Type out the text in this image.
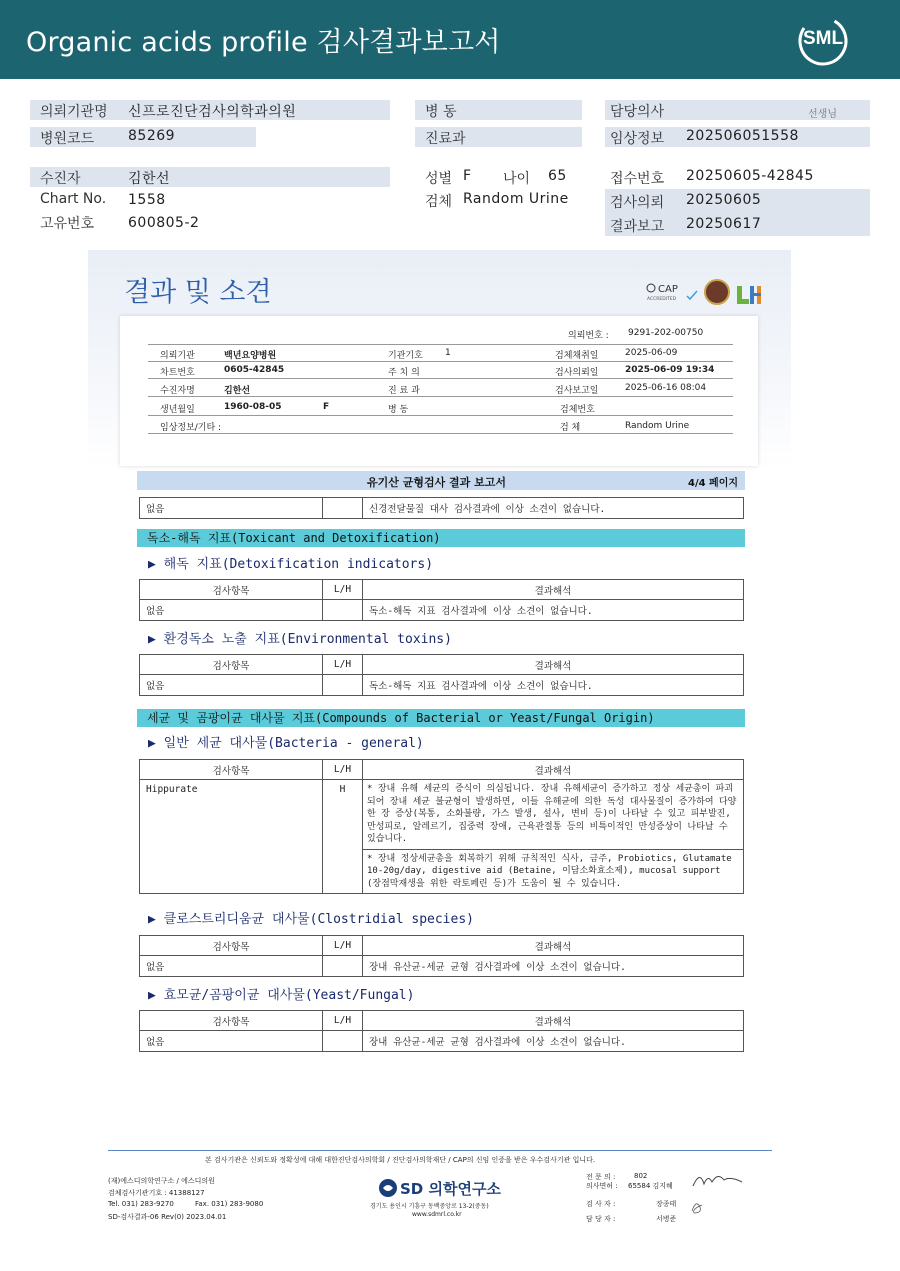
Organic acids profile 검사결과보고서	SML
의뢰기관명 신프로진단검사의학과의원
병원코드 85269
병 동
진료과
담당의사	선생님
임상정보 202506051558
수진자	김한선
Chart No. 1558
고유번호 600805-2
성별 F 나이 65
검체 Random Urine
접수번호 20250605-42845
검사의뢰 20250605
결과보고 20250617
결과 및 소견	CAP
ACCREDITED
의뢰번호 : 9291-202-00750
의뢰기관	백년요양병원	기관기호 1	검체채취일	2025-06-09
차트번호	0605-42845	주 치 의	검사의뢰일	2025-06-09 19:34
수진자명	김한선	진 료 과	검사보고일	2025-06-16 08:04
생년월일	1960-08-05	F	병 동	검체번호
임상정보/기타 :	검 체	Random Urine
유기산 균형검사 결과 보고서	4/4 페이지
없음		신경전달물질 대사 검사결과에 이상 소견이 없습니다.
독소-해독 지표(Toxicant and Detoxification)
▶ 해독 지표(Detoxification indicators)
검사항목	L/H	결과해석
없음		독소-해독 지표 검사결과에 이상 소견이 없습니다.
▶ 환경독소 노출 지표(Environmental toxins)
검사항목	L/H	결과해석
없음		독소-해독 지표 검사결과에 이상 소견이 없습니다.
세균 및 곰팡이균 대사물 지표(Compounds of Bacterial or Yeast/Fungal Origin)
▶ 일반 세균 대사물(Bacteria - general)
검사항목	L/H	결과해석
Hippurate	H	* 장내 유해 세균의 증식이 의심됩니다. 장내 유해세균이 증가하고 정상 세균총이 파괴되어 장내 세균 불균형이 발생하면, 이들 유해균에 의한 독성 대사물질이 증가하여 다양한 장 증상(복통, 소화불량, 가스 발생, 설사, 변비 등)이 나타날 수 있고 피부발진, 만성피로, 알레르기, 집중력 장애, 근육관절통 등의 비특이적인 만성증상이 나타날 수 있습니다.
		* 장내 정상세균총을 회복하기 위해 규칙적인 식사, 금주, Probiotics, Glutamate 10-20g/day, digestive aid (Betaine, 이담소화효소제), mucosal support (장점막재생을 위한 락토페린 등)가 도움이 될 수 있습니다.
▶ 클로스트리디움균 대사물(Clostridial species)
검사항목	L/H	결과해석
없음		장내 유산균-세균 균형 검사결과에 이상 소견이 없습니다.
▶ 효모균/곰팡이균 대사물(Yeast/Fungal)
검사항목	L/H	결과해석
없음		장내 유산균-세균 균형 검사결과에 이상 소견이 없습니다.
본 검사기관은 신뢰도와 정확성에 대해 대한진단검사의학회 / 진단검사의학재단 / CAP의 신임 인증을 받은 우수검사기관 입니다.
(재)에스디의학연구소 / 에스디의원
검체검사기관기호 : 41388127
Tel. 031) 283-9270	Fax. 031) 283-9080
SD-검사결과-06 Rev(0) 2023.04.01
SD 의학연구소
경기도 용인시 기흥구 동백중앙로 13-2(중동)
www.sdmrl.co.kr
전 문 의 :	802
의사면허 : 65584 김지혜
검 사 자 :	장종태
담 당 자 :	서병준
